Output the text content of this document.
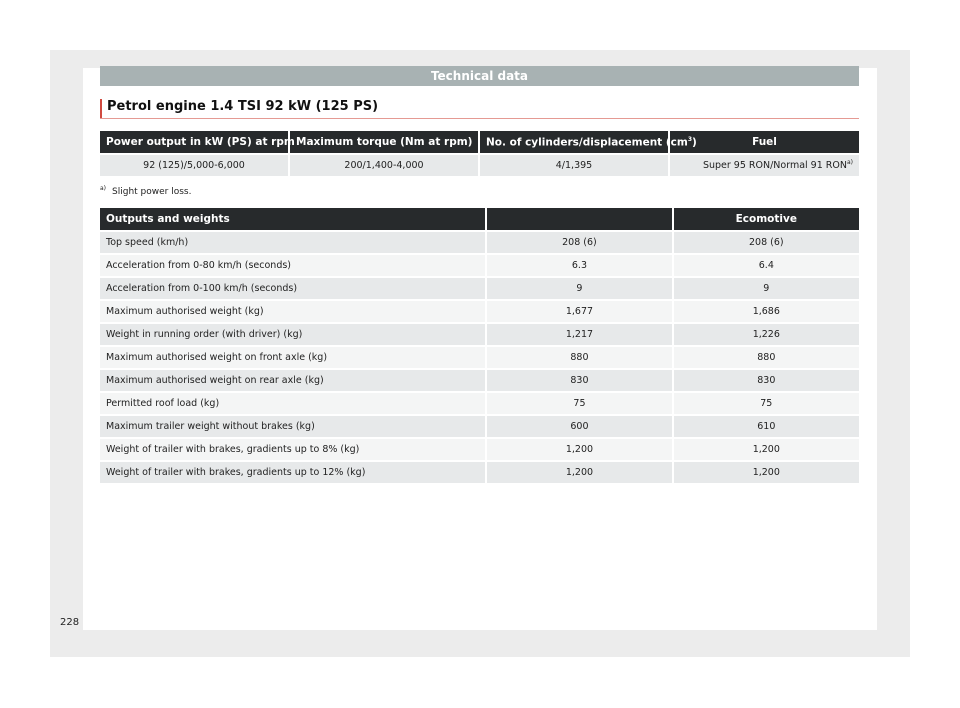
Technical data
Petrol engine 1.4 TSI 92 kW (125 PS)
Power output in kW (PS) at rpm	Maximum torque (Nm at rpm)	No. of cylinders/displacement $(cm^3)$	Fuel
92 (125)/5,000-6,000	200/1,400-4,000	4/1,395	Super 95 RON/Normal 91 RON$^{a)}$
$^{a)}$ Slight power loss.
Outputs and weights		Ecomotive
Top speed (km/h)	208 (6)	208 (6)
Acceleration from 0-80 km/h (seconds)	6.3	6.4
Acceleration from 0-100 km/h (seconds)	9	9
Maximum authorised weight (kg)	1,677	1,686
Weight in running order (with driver) (kg)	1,217	1,226
Maximum authorised weight on front axle (kg)	880	880
Maximum authorised weight on rear axle (kg)	830	830
Permitted roof load (kg)	75	75
Maximum trailer weight without brakes (kg)	600	610
Weight of trailer with brakes, gradients up to 8% (kg)	1,200	1,200
Weight of trailer with brakes, gradients up to 12% (kg)	1,200	1,200
228
